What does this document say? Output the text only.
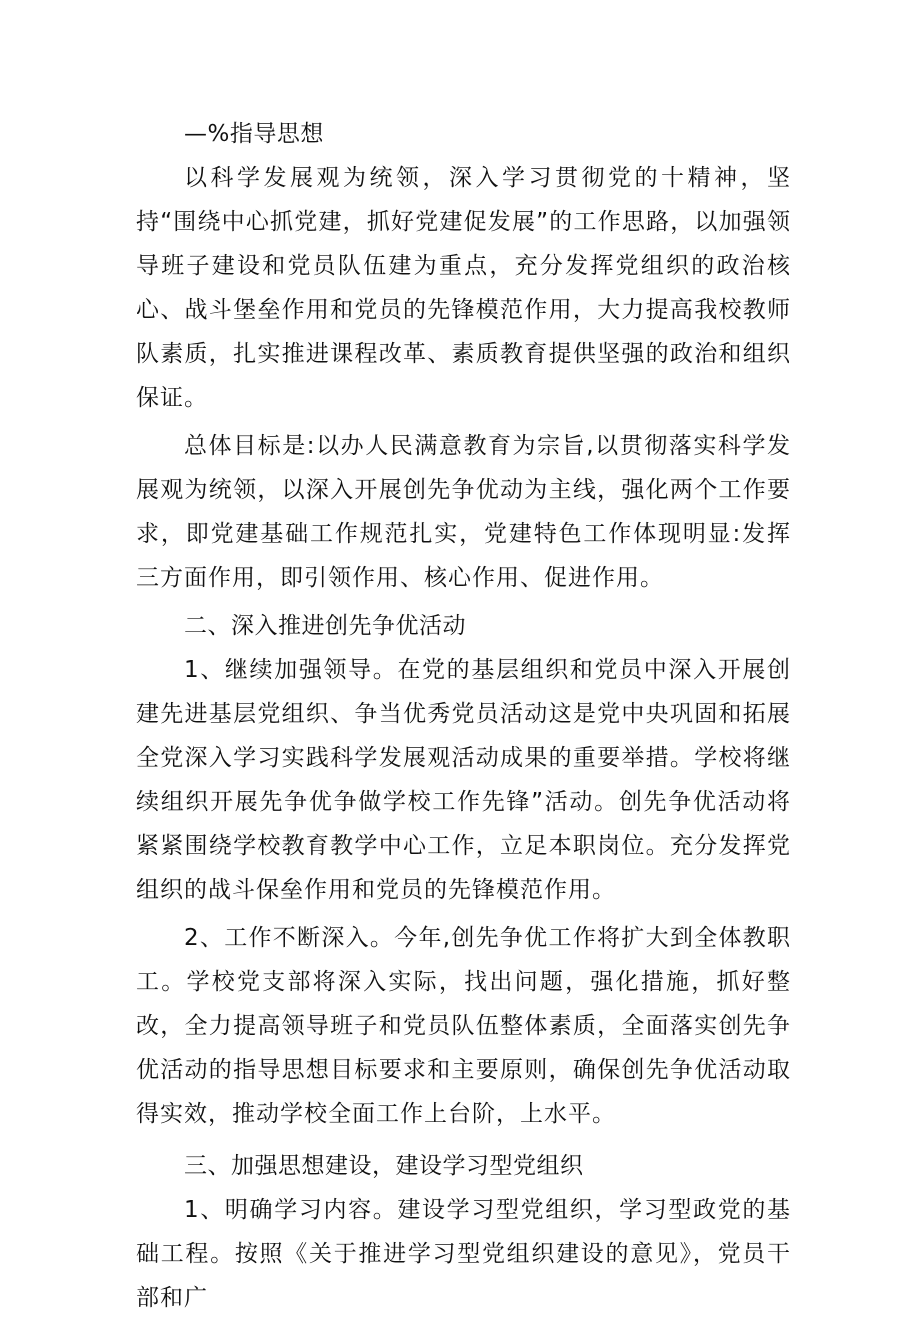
—%指导思想

以科学发展观为统领，深入学习贯彻党的十精神，坚持“围绕中心抓党建，抓好党建促发展”的工作思路，以加强领导班子建设和党员队伍建为重点，充分发挥党组织的政治核心、战斗堡垒作用和党员的先锋模范作用，大力提高我校教师队素质，扎实推进课程改革、素质教育提供坚强的政治和组织保证。

总体目标是:以办人民满意教育为宗旨,以贯彻落实科学发展观为统领，以深入开展创先争优动为主线，强化两个工作要求，即党建基础工作规范扎实，党建特色工作体现明显:发挥三方面作用，即引领作用、核心作用、促进作用。

二、深入推进创先争优活动

1、继续加强领导。在党的基层组织和党员中深入开展创建先进基层党组织、争当优秀党员活动这是党中央巩固和拓展全党深入学习实践科学发展观活动成果的重要举措。学校将继续组织开展先争优争做学校工作先锋”活动。创先争优活动将紧紧围绕学校教育教学中心工作，立足本职岗位。充分发挥党组织的战斗保垒作用和党员的先锋模范作用。

2、工作不断深入。今年,创先争优工作将扩大到全体教职工。学校党支部将深入实际，找出问题，强化措施，抓好整改，全力提高领导班子和党员队伍整体素质，全面落实创先争优活动的指导思想目标要求和主要原则，确保创先争优活动取得实效，推动学校全面工作上台阶，上水平。

三、加强思想建设，建设学习型党组织

1、明确学习内容。建设学习型党组织，学习型政党的基础工程。按照《关于推进学习型党组织建设的意见》，党员干部和广
